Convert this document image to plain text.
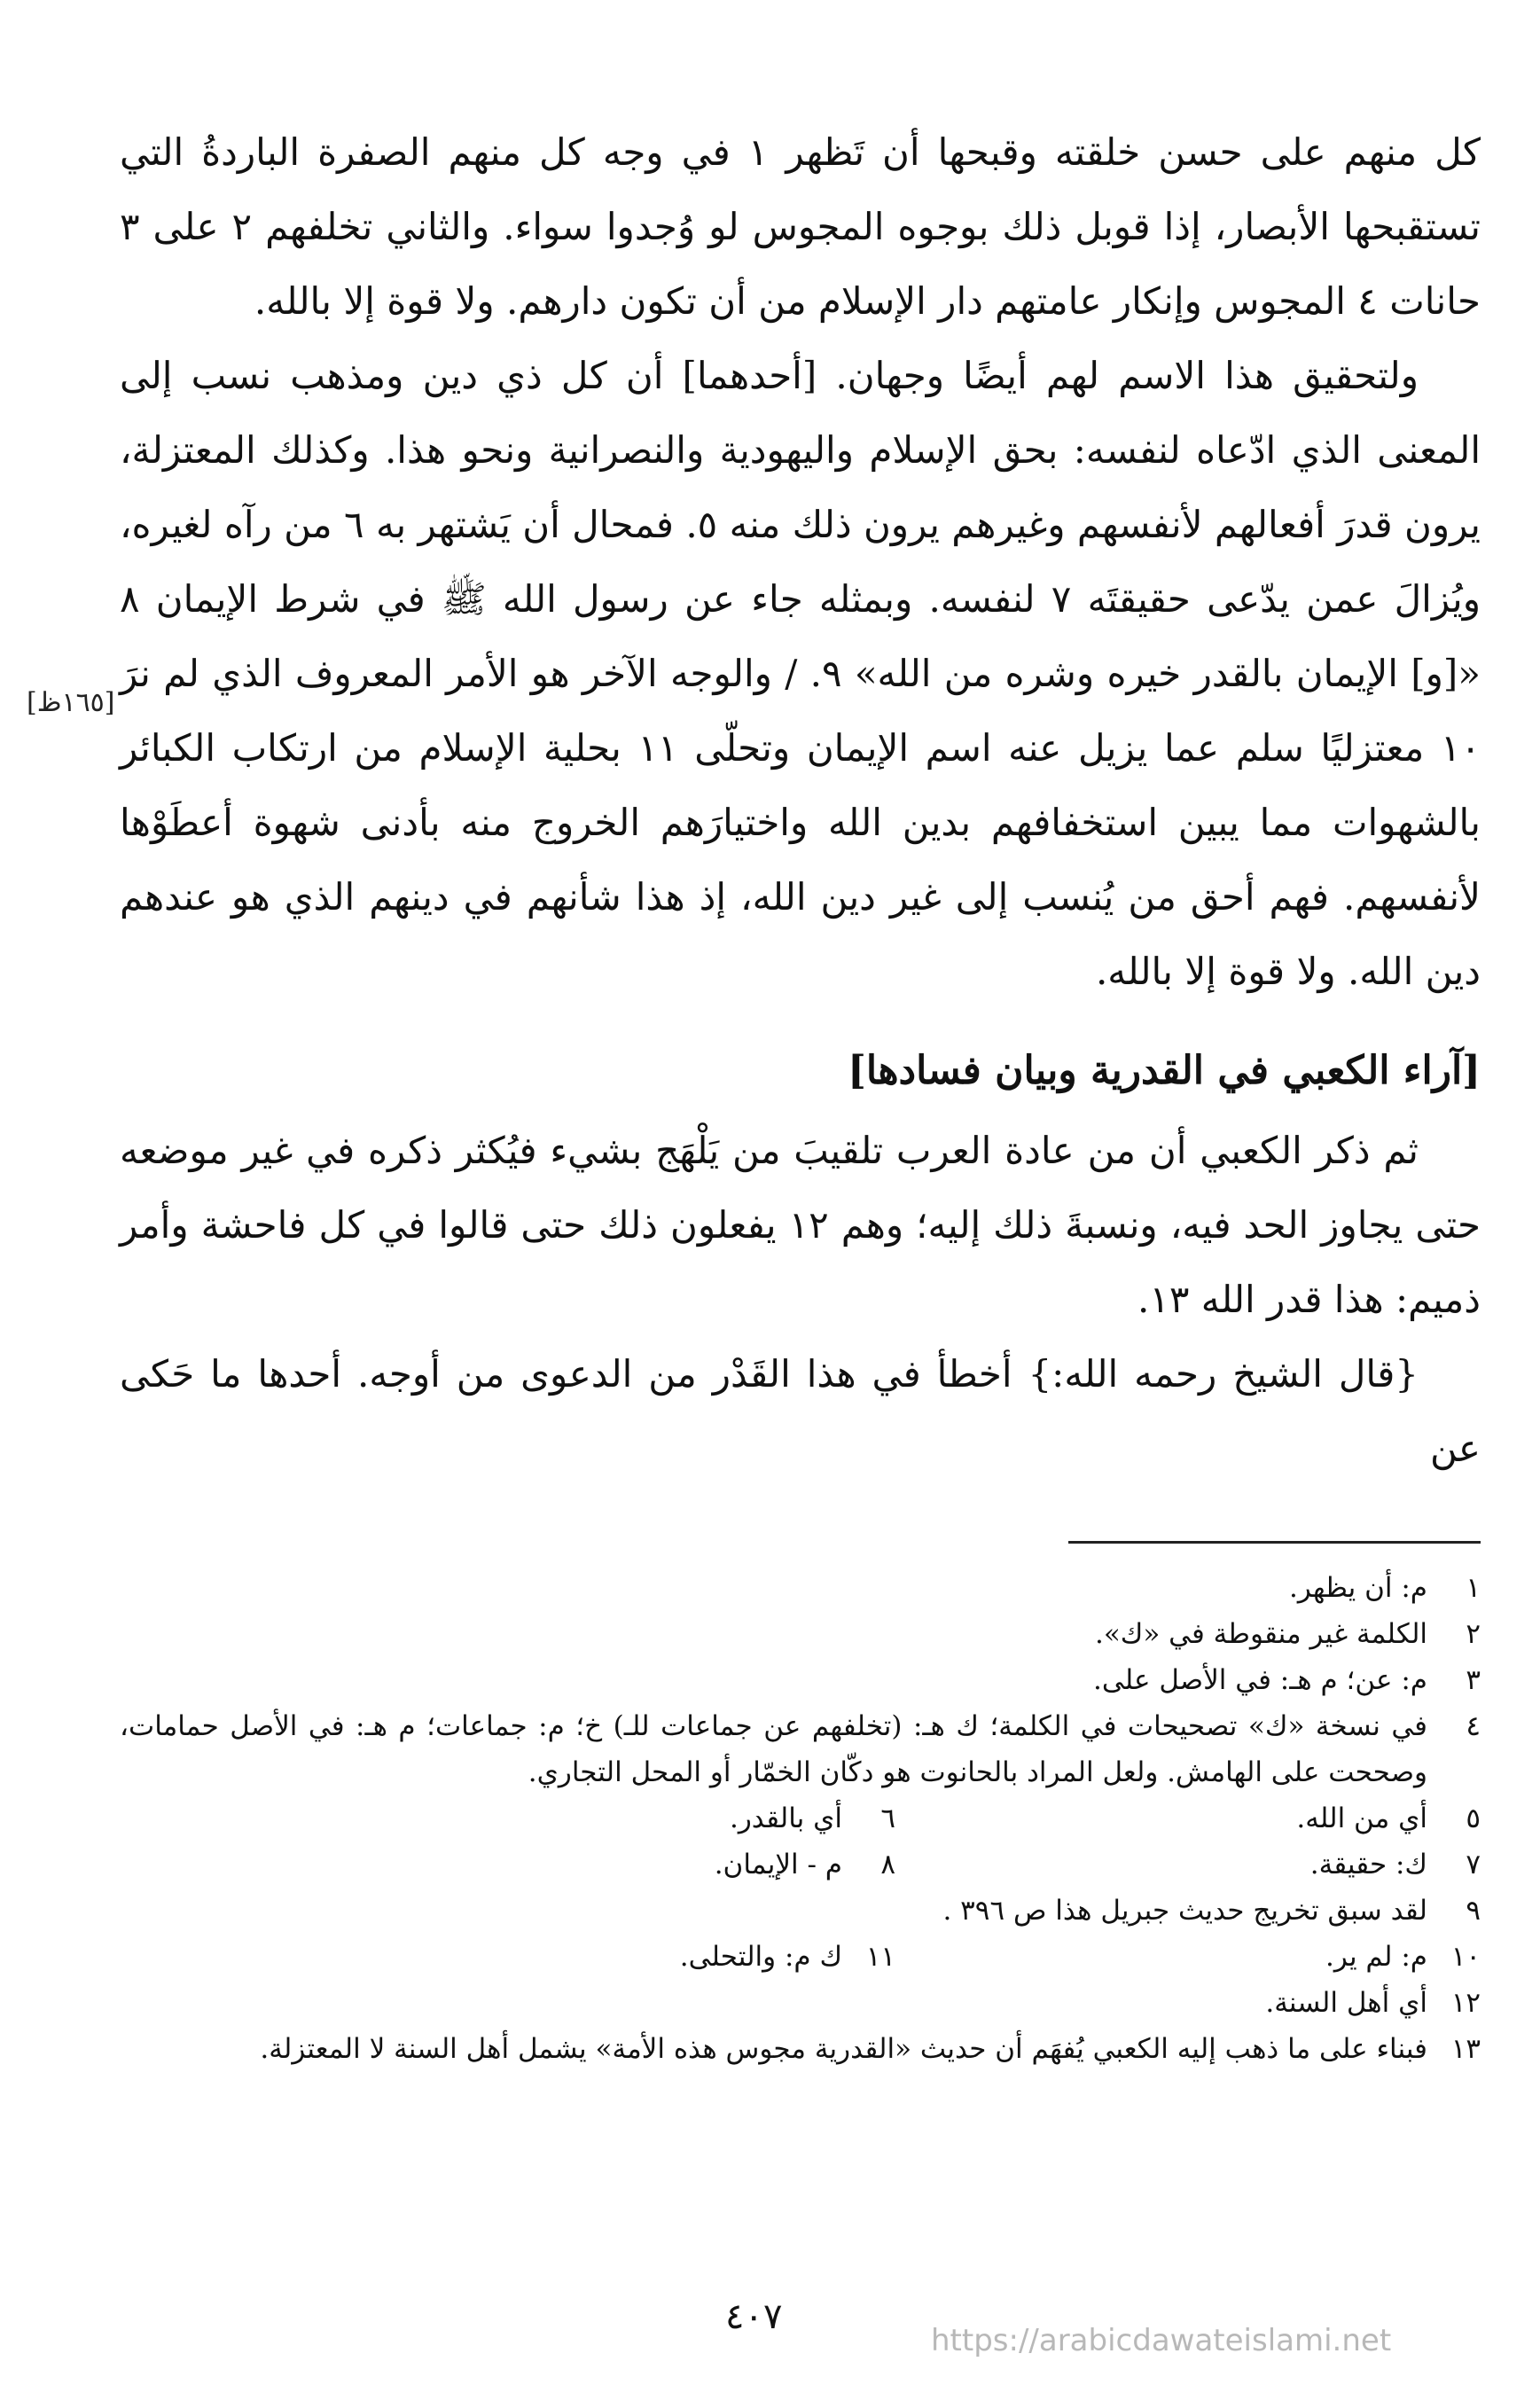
كل منهم على حسن خلقته وقبحها أن تَظهر ١ في وجه كل منهم الصفرة الباردةُ التي تستقبحها الأبصار، إذا قوبل ذلك بوجوه المجوس لو وُجدوا سواء. والثاني تخلفهم ٢ على ٣ حانات ٤ المجوس وإنكار عامتهم دار الإسلام من أن تكون دارهم. ولا قوة إلا بالله.

ولتحقيق هذا الاسم لهم أيضًا وجهان. [أحدهما] أن كل ذي دين ومذهب نسب إلى المعنى الذي ادّعاه لنفسه: بحق الإسلام واليهودية والنصرانية ونحو هذا. وكذلك المعتزلة، يرون قدرَ أفعالهم لأنفسهم وغيرهم يرون ذلك منه ٥. فمحال أن يَشتهر به ٦ من رآه لغيره، ويُزالَ عمن يدّعى حقيقتَه ٧ لنفسه. وبمثله جاء عن رسول الله ﷺ في شرط الإيمان ٨ «[و] الإيمان بالقدر خيره وشره من الله» ٩. / والوجه الآخر هو الأمر المعروف الذي لم نرَ ١٠ معتزليًا سلم عما يزيل عنه اسم الإيمان وتحلّى ١١ بحلية الإسلام من ارتكاب الكبائر بالشهوات مما يبين استخفافهم بدين الله واختيارَهم الخروج منه بأدنى شهوة أعطَوْها لأنفسهم. فهم أحق من يُنسب إلى غير دين الله، إذ هذا شأنهم في دينهم الذي هو عندهم دين الله. ولا قوة إلا بالله.

[آراء الكعبي في القدرية وبيان فسادها]

ثم ذكر الكعبي أن من عادة العرب تلقيبَ من يَلْهَج بشيء فيُكثر ذكره في غير موضعه حتى يجاوز الحد فيه، ونسبةَ ذلك إليه؛ وهم ١٢ يفعلون ذلك حتى قالوا في كل فاحشة وأمر ذميم: هذا قدر الله ١٣.

{قال الشيخ رحمه الله:} أخطأ في هذا القَدْر من الدعوى من أوجه. أحدها ما حَكى عن

[١٦٥ظ]
١
م: أن يظهر.
٢
الكلمة غير منقوطة في «ك».
٣
م: عن؛ م هـ: في الأصل على.
٤
في نسخة «ك» تصحيحات في الكلمة؛ ك هـ: (تخلفهم عن جماعات للـ) خ؛ م: جماعات؛ م هـ: في الأصل حمامات، وصححت على الهامش. ولعل المراد بالحانوت هو دكّان الخمّار أو المحل التجاري.
٥
أي من الله.
٦
أي بالقدر.
٧
ك: حقيقة.
٨
م - الإيمان.
٩
لقد سبق تخريج حديث جبريل هذا ص ٣٩٦ .
١٠
م: لم ير.
١١
ك م: والتحلى.
١٢
أي أهل السنة.
١٣
فبناء على ما ذهب إليه الكعبي يُفهَم أن حديث «القدرية مجوس هذه الأمة» يشمل أهل السنة لا المعتزلة.
٤٠٧
https://arabicdawateislami.net
